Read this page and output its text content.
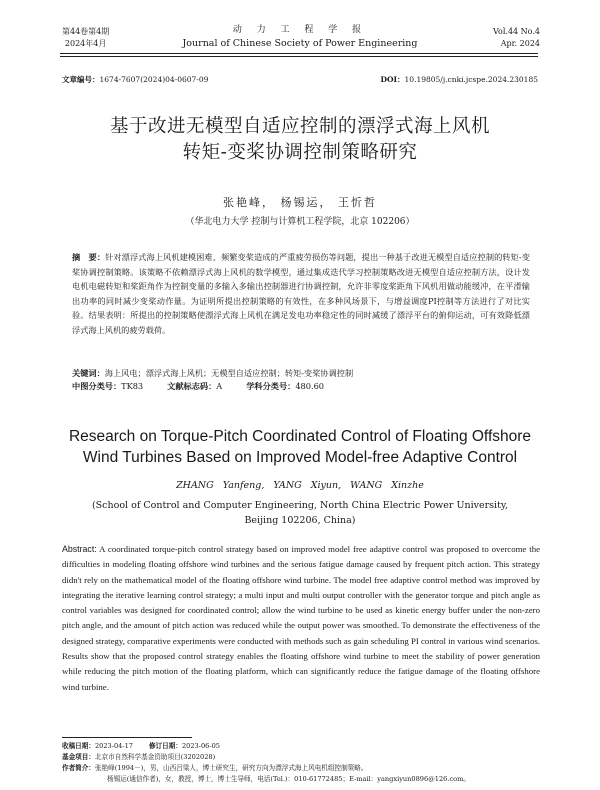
第44卷第4期
2024年4月
动 力 工 程 学 报
Journal of Chinese Society of Power Engineering
Vol.44 No.4
Apr. 2024
文章编号：1674-7607(2024)04-0607-09	DOI：10.19805/j.cnki.jcspe.2024.230185
基于改进无模型自适应控制的漂浮式海上风机
转矩-变桨协调控制策略研究
张艳峰， 杨锡运， 王忻哲
（华北电力大学 控制与计算机工程学院，北京 102206）
摘　要：针对漂浮式海上风机建模困难、频繁变桨造成的严重疲劳损伤等问题，提出一种基于改进无模型自适应控制的转矩-变桨协调控制策略。该策略不依赖漂浮式海上风机的数学模型，通过集成迭代学习控制策略改进无模型自适应控制方法，设计发电机电磁转矩和桨距角作为控制变量的多输入多输出控制器进行协调控制，允许非零度桨距角下风机用做动能缓冲，在平滑输出功率的同时减少变桨动作量。为证明所提出控制策略的有效性，在多种风场景下，与增益调度PI控制等方法进行了对比实验。结果表明：所提出的控制策略使漂浮式海上风机在满足发电功率稳定性的同时减缓了漂浮平台的俯仰运动，可有效降低漂浮式海上风机的疲劳载荷。
关键词：海上风电；漂浮式海上风机；无模型自适应控制；转矩-变桨协调控制
中图分类号：TK83	文献标志码：A	学科分类号：480.60
Research on Torque-Pitch Coordinated Control of Floating Offshore
Wind Turbines Based on Improved Model-free Adaptive Control
ZHANG Yanfeng, YANG Xiyun, WANG Xinzhe
(School of Control and Computer Engineering, North China Electric Power University,
Beijing 102206, China)
Abstract: A coordinated torque-pitch control strategy based on improved model free adaptive control was proposed to overcome the difficulties in modeling floating offshore wind turbines and the serious fatigue damage caused by frequent pitch action. This strategy didn't rely on the mathematical model of the floating offshore wind turbine. The model free adaptive control method was improved by integrating the iterative learning control strategy; a multi input and multi output controller with the generator torque and pitch angle as control variables was designed for coordinated control; allow the wind turbine to be used as kinetic energy buffer under the non-zero pitch angle, and the amount of pitch action was reduced while the output power was smoothed. To demonstrate the effectiveness of the designed strategy, comparative experiments were conducted with methods such as gain scheduling PI control in various wind scenarios. Results show that the proposed control strategy enables the floating offshore wind turbine to meet the stability of power generation while reducing the pitch motion of the floating platform, which can significantly reduce the fatigue damage of the floating offshore wind turbine.
收稿日期：2023-04-17 修订日期：2023-06-05
基金项目：北京市自然科学基金资助项目(3202028)
作者简介：张艳峰(1994－)，男，山西吕梁人，博士研究生，研究方向为漂浮式海上风电机组控制策略。
杨锡运(通信作者)，女，教授，博士，博士生导师，电话(Tel.)：010-61772485；E-mail：yangxiyun0896@126.com。
